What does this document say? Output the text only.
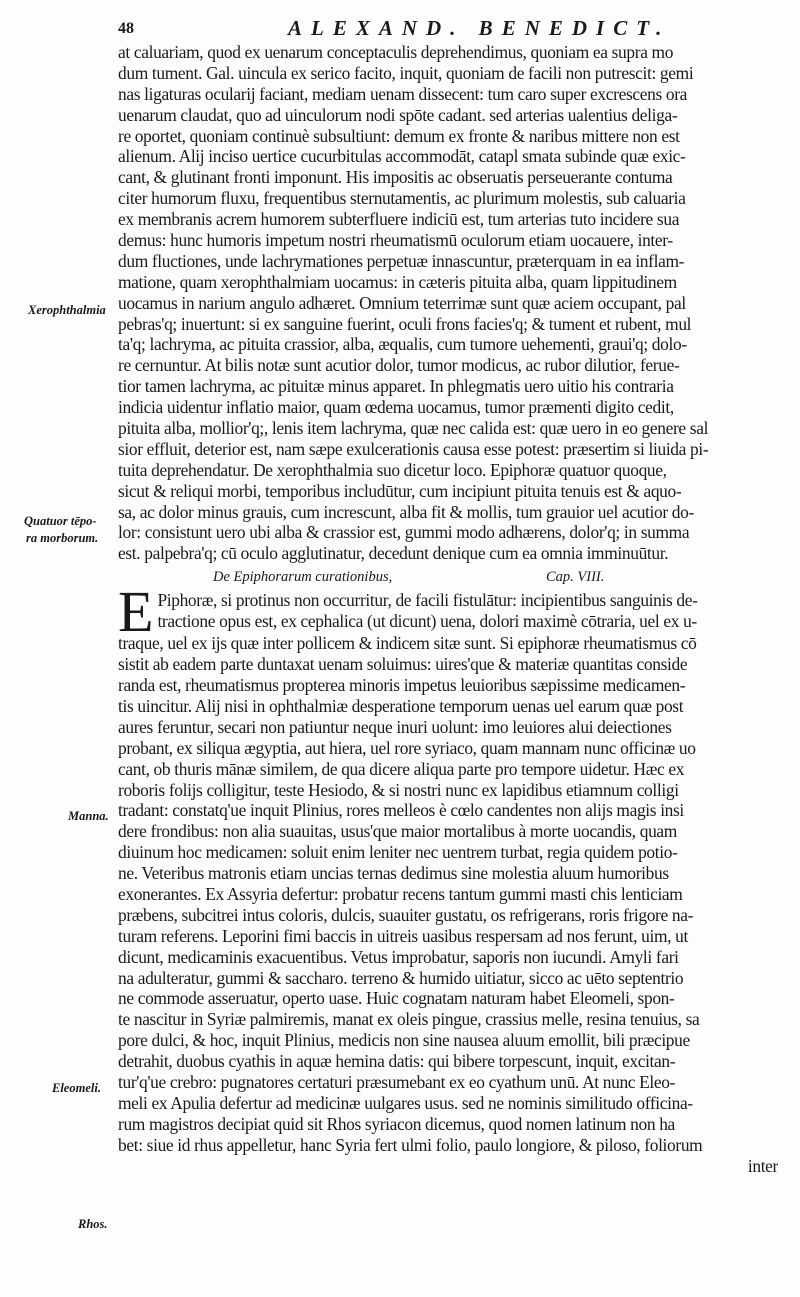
48	ALEXAND. BENEDICT.
Xerophthalmia
Quatuor tēpo-
ra morborum.
Manna.
Eleomeli.
Rhos.
at caluariam, quod ex uenarum conceptaculis deprehendimus, quoniam ea supra mo
dum tument. Gal. uincula ex serico facito, inquit, quoniam de facili non putrescit: gemi
nas ligaturas ocularij faciant, mediam uenam dissecent: tum caro super excrescens ora
uenarum claudat, quo ad uinculorum nodi spōte cadant. sed arterias ualentius deliga-
re oportet, quoniam continuè subsultiunt: demum ex fronte & naribus mittere non est
alienum. Alij inciso uertice cucurbitulas accommodāt, catapl smata subinde quæ exic-
cant, & glutinant fronti imponunt. His impositis ac obseruatis perseuerante contuma
citer humorum fluxu, frequentibus sternutamentis, ac plurimum molestis, sub caluaria
ex membranis acrem humorem subterfluere indiciū est, tum arterias tuto incidere sua
demus: hunc humoris impetum nostri rheumatismū oculorum etiam uocauere, inter-
dum fluctiones, unde lachrymationes perpetuæ innascuntur, præterquam in ea inflam-
matione, quam xerophthalmiam uocamus: in cæteris pituita alba, quam lippitudinem
uocamus in narium angulo adhæret. Omnium teterrimæ sunt quæ aciem occupant, pal
pebras'q; inuertunt: si ex sanguine fuerint, oculi frons facies'q; & tument et rubent, mul
ta'q; lachryma, ac pituita crassior, alba, æqualis, cum tumore uehementi, graui'q; dolo-
re cernuntur. At bilis notæ sunt acutior dolor, tumor modicus, ac rubor dilutior, ferue-
tior tamen lachryma, ac pituitæ minus apparet. In phlegmatis uero uitio his contraria
indicia uidentur inflatio maior, quam œdema uocamus, tumor præmenti digito cedit,
pituita alba, mollior'q;, lenis item lachryma, quæ nec calida est: quæ uero in eo genere sal
sior effluit, deterior est, nam sæpe exulcerationis causa esse potest: præsertim si liuida pi-
tuita deprehendatur. De xerophthalmia suo dicetur loco. Epiphoræ quatuor quoque,
sicut & reliqui morbi, temporibus includūtur, cum incipiunt pituita tenuis est & aquo-
sa, ac dolor minus grauis, cum increscunt, alba fit & mollis, tum grauior uel acutior do-
lor: consistunt uero ubi alba & crassior est, gummi modo adhærens, dolor'q; in summa
est. palpebra'q; cū oculo agglutinatur, decedunt denique cum ea omnia imminuūtur.
De Epiphorarum curationibus,	Cap. VIII.
E Piphoræ, si protinus non occurritur, de facili fistulātur: incipientibus sanguinis de-
tractione opus est, ex cephalica (ut dicunt) uena, dolori maximè cōtraria, uel ex u-
traque, uel ex ijs quæ inter pollicem & indicem sitæ sunt. Si epiphoræ rheumatismus cō
sistit ab eadem parte duntaxat uenam soluimus: uires'que & materiæ quantitas conside
randa est, rheumatismus propterea minoris impetus leuioribus sæpissime medicamen-
tis uincitur. Alij nisi in ophthalmiæ desperatione temporum uenas uel earum quæ post
aures feruntur, secari non patiuntur neque inuri uolunt: imo leuiores alui deiectiones
probant, ex siliqua ægyptia, aut hiera, uel rore syriaco, quam mannam nunc officinæ uo
cant, ob thuris mānæ similem, de qua dicere aliqua parte pro tempore uidetur. Hæc ex
roboris folijs colligitur, teste Hesiodo, & si nostri nunc ex lapidibus etiamnum colligi
tradant: constatq'ue inquit Plinius, rores melleos è cœlo candentes non alijs magis insi
dere frondibus: non alia suauitas, usus'que maior mortalibus à morte uocandis, quam
diuinum hoc medicamen: soluit enim leniter nec uentrem turbat, regia quidem potio-
ne. Veteribus matronis etiam uncias ternas dedimus sine molestia aluum humoribus
exonerantes. Ex Assyria defertur: probatur recens tantum gummi masti chis lenticiam
præbens, subcitrei intus coloris, dulcis, suauiter gustatu, os refrigerans, roris frigore na-
turam referens. Leporini fimi baccis in uitreis uasibus respersam ad nos ferunt, uim, ut
dicunt, medicaminis exacuentibus. Vetus improbatur, saporis non iucundi. Amyli fari
na adulteratur, gummi & saccharo. terreno & humido uitiatur, sicco ac uēto septentrio
ne commode asseruatur, operto uase. Huic cognatam naturam habet Eleomeli, spon-
te nascitur in Syriæ palmiremis, manat ex oleis pingue, crassius melle, resina tenuius, sa
pore dulci, & hoc, inquit Plinius, medicis non sine nausea aluum emollit, bili præcipue
detrahit, duobus cyathis in aquæ hemina datis: qui bibere torpescunt, inquit, excitan-
tur'q'ue crebro: pugnatores certaturi præsumebant ex eo cyathum unū. At nunc Eleo-
meli ex Apulia defertur ad medicinæ uulgares usus. sed ne nominis similitudo officina-
rum magistros decipiat quid sit Rhos syriacon dicemus, quod nomen latinum non ha
bet: siue id rhus appelletur, hanc Syria fert ulmi folio, paulo longiore, & piloso, foliorum
inter
